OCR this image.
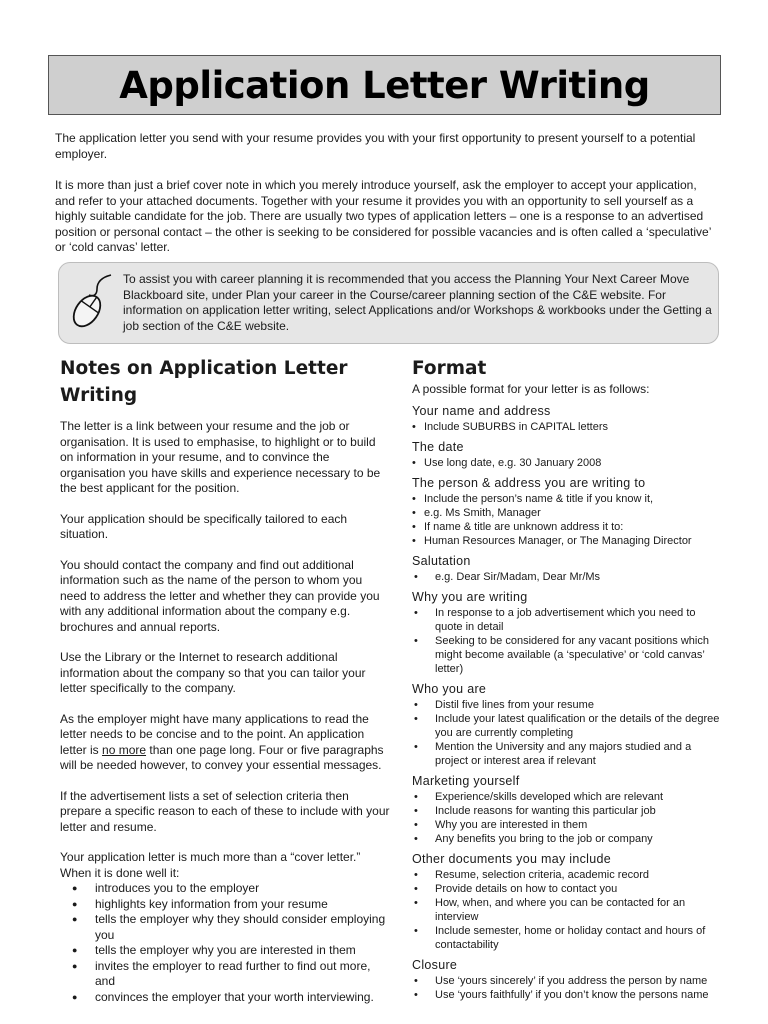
Application Letter Writing

The application letter you send with your resume provides you with your first opportunity to present yourself to a potential employer.

It is more than just a brief cover note in which you merely introduce yourself, ask the employer to accept your application, and refer to your attached documents. Together with your resume it provides you with an opportunity to sell yourself as a highly suitable candidate for the job. There are usually two types of application letters – one is a response to an advertised position or personal contact – the other is seeking to be considered for possible vacancies and is often called a ‘speculative’ or ‘cold canvas’ letter.

To assist you with career planning it is recommended that you access the Planning Your Next Career Move Blackboard site, under Plan your career in the Course/career planning section of the C&E website. For information on application letter writing, select Applications and/or Workshops & workbooks under the Getting a job section of the C&E website.

Notes on Application Letter Writing

The letter is a link between your resume and the job or organisation. It is used to emphasise, to highlight or to build on information in your resume, and to convince the organisation you have skills and experience necessary to be the best applicant for the position.

Your application should be specifically tailored to each situation.

You should contact the company and find out additional information such as the name of the person to whom you need to address the letter and whether they can provide you with any additional information about the company e.g. brochures and annual reports.

Use the Library or the Internet to research additional information about the company so that you can tailor your letter specifically to the company.

As the employer might have many applications to read the letter needs to be concise and to the point. An application letter is no more than one page long. Four or five paragraphs will be needed however, to convey your essential messages.

If the advertisement lists a set of selection criteria then prepare a specific reason to each of these to include with your letter and resume.

Your application letter is much more than a “cover letter.” When it is done well it:

● introduces you to the employer
● highlights key information from your resume
● tells the employer why they should consider employing you
● tells the employer why you are interested in them
● invites the employer to read further to find out more, and
● convinces the employer that your worth interviewing.
Format

A possible format for your letter is as follows:

Your name and address
• Include SUBURBS in CAPITAL letters
The date
• Use long date, e.g. 30 January 2008
The person & address you are writing to
• Include the person’s name & title if you know it,
• e.g. Ms Smith, Manager
• If name & title are unknown address it to:
• Human Resources Manager, or The Managing Director
Salutation
• e.g. Dear Sir/Madam, Dear Mr/Ms
Why you are writing
• In response to a job advertisement which you need to quote in detail
• Seeking to be considered for any vacant positions which might become available (a ‘speculative’ or ‘cold canvas’ letter)
Who you are
• Distil five lines from your resume
• Include your latest qualification or the details of the degree you are currently completing
• Mention the University and any majors studied and a project or interest area if relevant
Marketing yourself
• Experience/skills developed which are relevant
• Include reasons for wanting this particular job
• Why you are interested in them
• Any benefits you bring to the job or company
Other documents you may include
• Resume, selection criteria, academic record
• Provide details on how to contact you
• How, when, and where you can be contacted for an interview
• Include semester, home or holiday contact and hours of contactability
Closure
• Use ‘yours sincerely’ if you address the person by name
• Use ‘yours faithfully’ if you don’t know the persons name
